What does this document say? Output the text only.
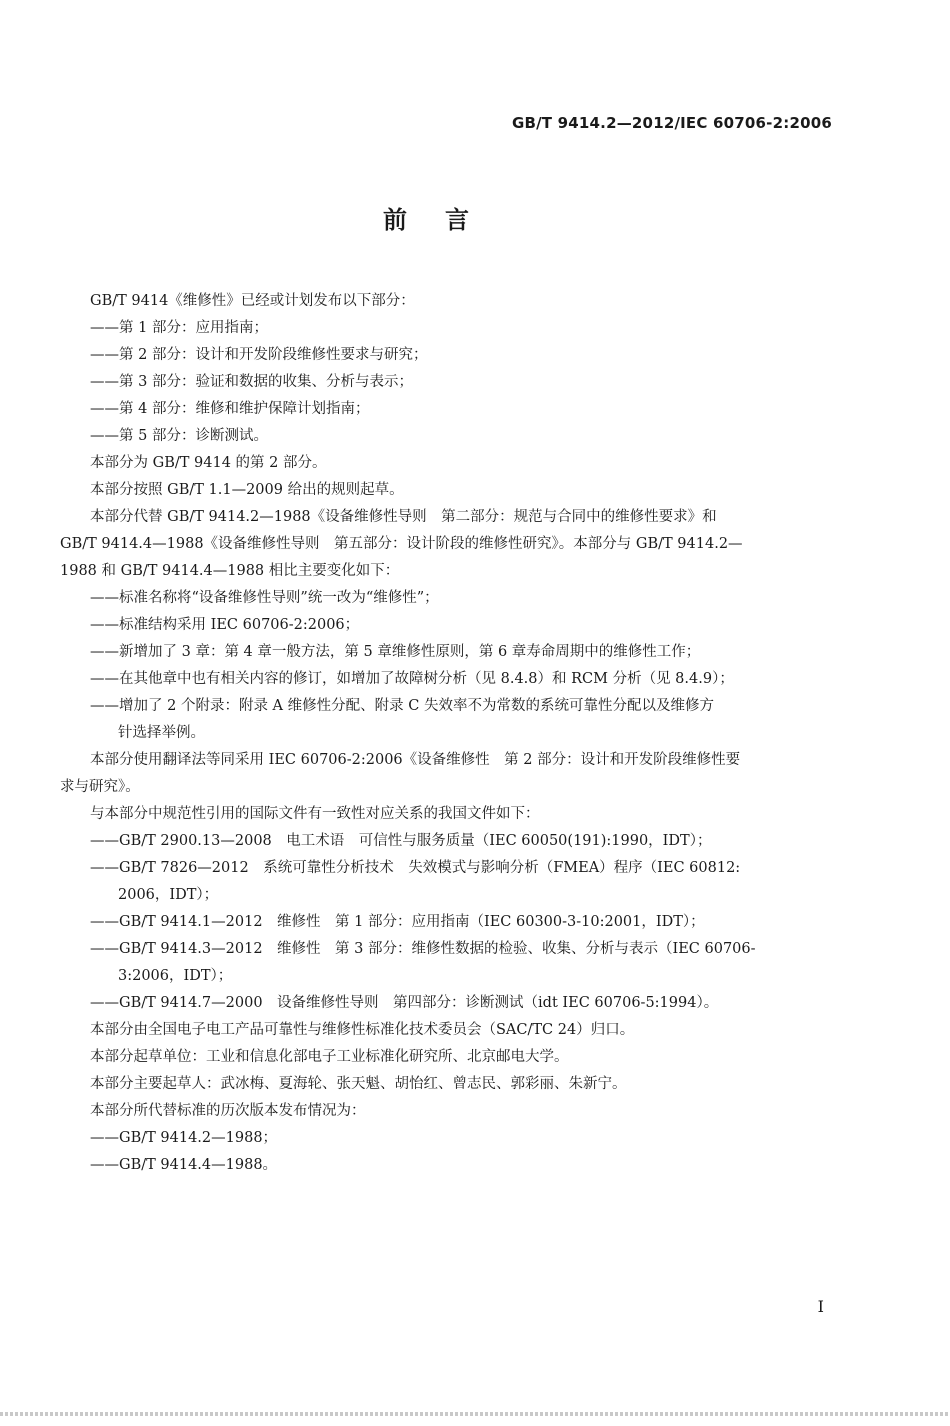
GB/T 9414.2—2012/IEC 60706-2:2006
前言

GB/T 9414《维修性》已经或计划发布以下部分：

——第 1 部分：应用指南；

——第 2 部分：设计和开发阶段维修性要求与研究；

——第 3 部分：验证和数据的收集、分析与表示；

——第 4 部分：维修和维护保障计划指南；

——第 5 部分：诊断测试。

本部分为 GB/T 9414 的第 2 部分。

本部分按照 GB/T 1.1—2009 给出的规则起草。

本部分代替 GB/T 9414.2—1988《设备维修性导则　第二部分：规范与合同中的维修性要求》和

GB/T 9414.4—1988《设备维修性导则　第五部分：设计阶段的维修性研究》。本部分与 GB/T 9414.2—

1988 和 GB/T 9414.4—1988 相比主要变化如下：

——标准名称将“设备维修性导则”统一改为“维修性”；

——标准结构采用 IEC 60706-2:2006；

——新增加了 3 章：第 4 章一般方法，第 5 章维修性原则，第 6 章寿命周期中的维修性工作；

——在其他章中也有相关内容的修订，如增加了故障树分析（见 8.4.8）和 RCM 分析（见 8.4.9）；

——增加了 2 个附录：附录 A 维修性分配、附录 C 失效率不为常数的系统可靠性分配以及维修方

针选择举例。

本部分使用翻译法等同采用 IEC 60706-2:2006《设备维修性　第 2 部分：设计和开发阶段维修性要

求与研究》。

与本部分中规范性引用的国际文件有一致性对应关系的我国文件如下：

——GB/T 2900.13—2008　电工术语　可信性与服务质量（IEC 60050(191):1990，IDT）；

——GB/T 7826—2012　系统可靠性分析技术　失效模式与影响分析（FMEA）程序（IEC 60812:

2006，IDT）；

——GB/T 9414.1—2012　维修性　第 1 部分：应用指南（IEC 60300-3-10:2001，IDT）；

——GB/T 9414.3—2012　维修性　第 3 部分：维修性数据的检验、收集、分析与表示（IEC 60706-

3:2006，IDT）；

——GB/T 9414.7—2000　设备维修性导则　第四部分：诊断测试（idt IEC 60706-5:1994）。

本部分由全国电子电工产品可靠性与维修性标准化技术委员会（SAC/TC 24）归口。

本部分起草单位：工业和信息化部电子工业标准化研究所、北京邮电大学。

本部分主要起草人：武冰梅、夏海轮、张天魁、胡怡红、曾志民、郭彩丽、朱新宁。

本部分所代替标准的历次版本发布情况为：

——GB/T 9414.2—1988；

——GB/T 9414.4—1988。

I
